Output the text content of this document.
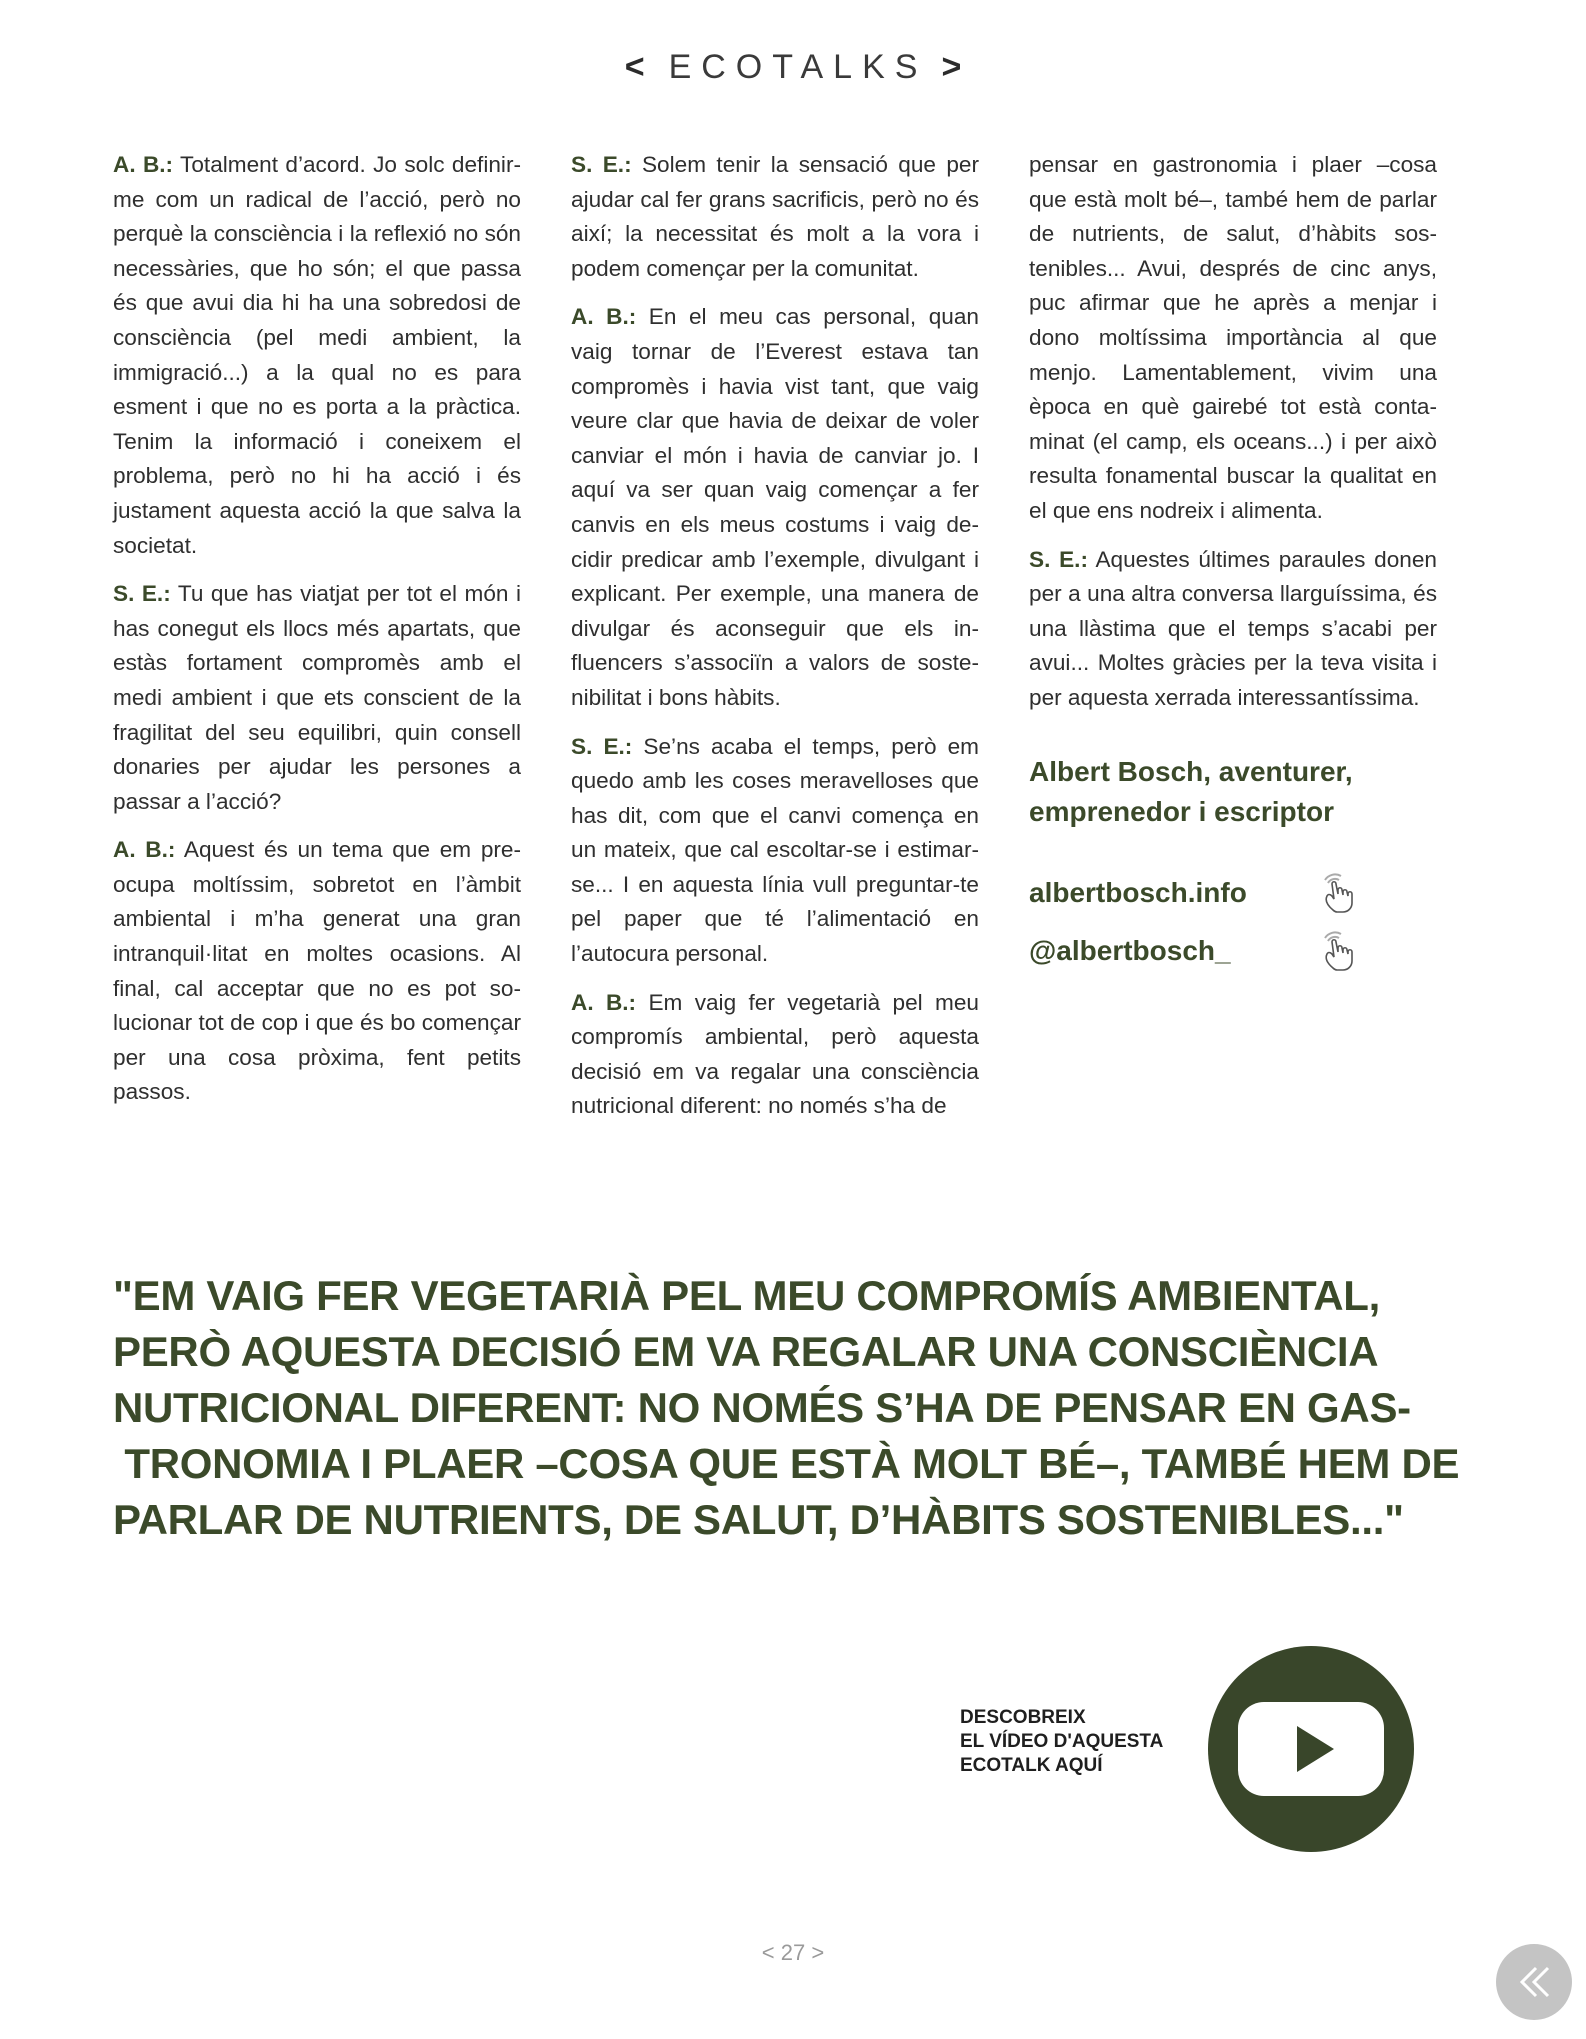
< ECOTALKS >

A. B.: Totalment d’acord. Jo solc definir-me com un radical de l’acció, però no perquè la consciència i la reflexió no són necessàries, que ho són; el que passa és que avui dia hi ha una sobredosi de consciència (pel medi ambient, la immigració...) a la qual no es para esment i que no es porta a la pràctica. Tenim la informació i coneixem el problema, però no hi ha acció i és justament aquesta acció la que salva la societat.

S. E.: Tu que has viatjat per tot el món i has conegut els llocs més apartats, que estàs fortament compromès amb el medi ambient i que ets conscient de la fragilitat del seu equilibri, quin consell donaries per ajudar les persones a passar a l’acció?

A. B.: Aquest és un tema que em preocupa moltíssim, sobretot en l’àmbit ambiental i m’ha generat una gran intranquil·litat en moltes ocasions. Al final, cal acceptar que no es pot solucionar tot de cop i que és bo començar per una cosa pròxima, fent petits passos.

S. E.: Solem tenir la sensació que per ajudar cal fer grans sacrificis, però no és així; la necessitat és molt a la vora i podem començar per la comunitat.

A. B.: En el meu cas personal, quan vaig tornar de l’Everest estava tan compromès i havia vist tant, que vaig veure clar que havia de deixar de voler canviar el món i havia de canviar jo. I aquí va ser quan vaig començar a fer canvis en els meus costums i vaig decidir predicar amb l’exemple, divulgant i explicant. Per exemple, una manera de divulgar és aconseguir que els influencers s’associïn a valors de sostenibilitat i bons hàbits.

S. E.: Se’ns acaba el temps, però em quedo amb les coses meravelloses que has dit, com que el canvi comença en un mateix, que cal escoltar-se i estimar-se... I en aquesta línia vull preguntar-te pel paper que té l’alimentació en l’autocura personal.

A. B.: Em vaig fer vegetarià pel meu compromís ambiental, però aquesta decisió em va regalar una consciència nutricional diferent: no només s’ha de

pensar en gastronomia i plaer –cosa que està molt bé–, també hem de parlar de nutrients, de salut, d’hàbits sostenibles... Avui, després de cinc anys, puc afirmar que he après a menjar i dono moltíssima importància al que menjo. Lamentablement, vivim una època en què gairebé tot està contaminat (el camp, els oceans...) i per això resulta fonamental buscar la qualitat en el que ens nodreix i alimenta.

S. E.: Aquestes últimes paraules donen per a una altra conversa llarguíssima, és una llàstima que el temps s’acabi per avui... Moltes gràcies per la teva visita i per aquesta xerrada interessantíssima.

Albert Bosch, aventurer,
emprenedor i escriptor
albertbosch.info
@albertbosch_
"EM VAIG FER VEGETARIÀ PEL MEU COMPROMÍS AMBIENTAL, PERÒ AQUESTA DECISIÓ EM VA REGALAR UNA CONSCIÈNCIA NUTRICIONAL DIFERENT: NO NOMÉS S’HA DE PENSAR EN GAS- TRONOMIA I PLAER –COSA QUE ESTÀ MOLT BÉ–, TAMBÉ HEM DE PARLAR DE NUTRIENTS, DE SALUT, D’HÀBITS SOSTENIBLES..."
DESCOBREIX
EL VÍDEO D'AQUESTA
ECOTALK AQUÍ
< 27 >
